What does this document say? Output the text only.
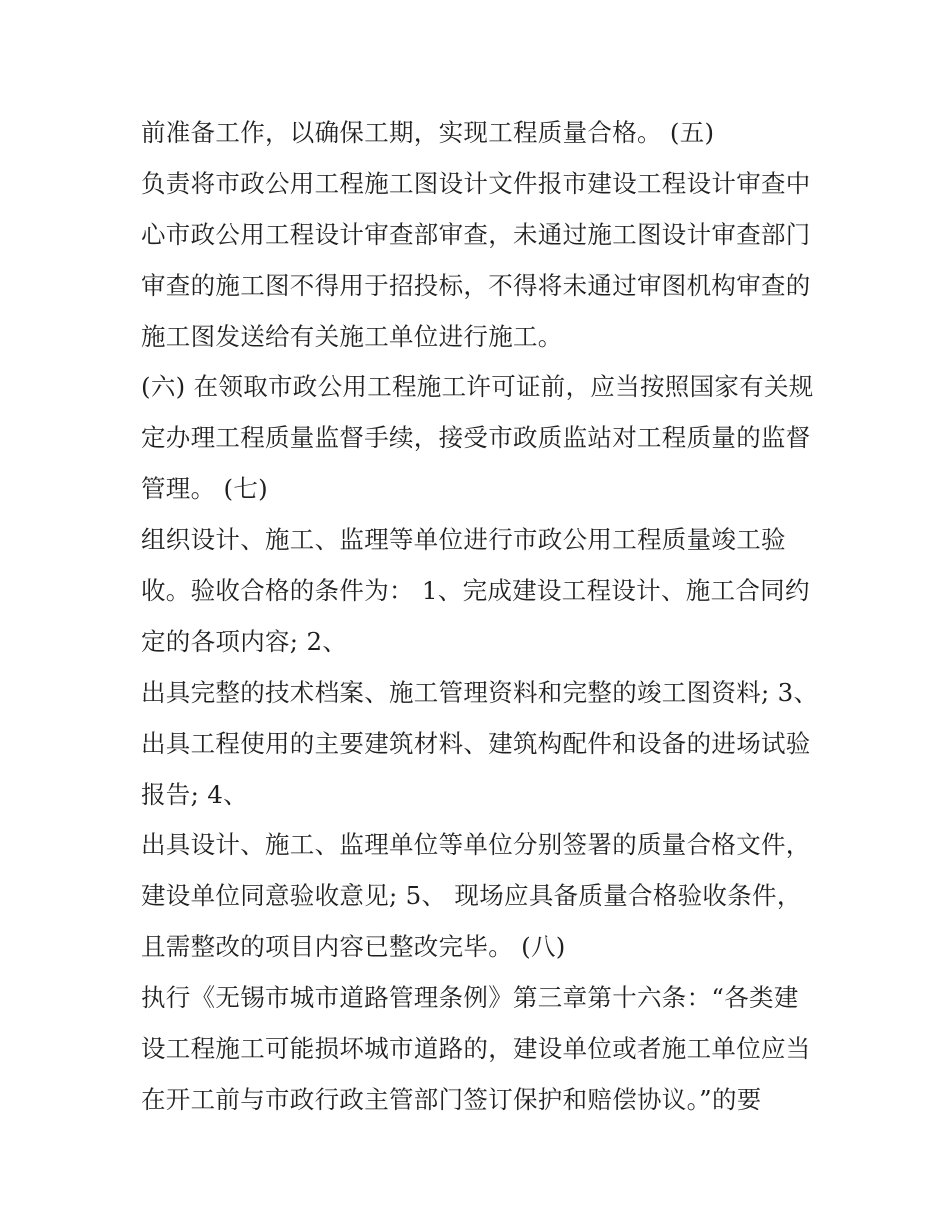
前准备工作，以确保工期，实现工程质量合格。 (五)
负责将市政公用工程施工图设计文件报市建设工程设计审查中
心市政公用工程设计审查部审查，未通过施工图设计审查部门
审查的施工图不得用于招投标，不得将未通过审图机构审查的
施工图发送给有关施工单位进行施工。
(六) 在领取市政公用工程施工许可证前，应当按照国家有关规
定办理工程质量监督手续，接受市政质监站对工程质量的监督
管理。 (七)
组织设计、施工、监理等单位进行市政公用工程质量竣工验
收。验收合格的条件为： 1、完成建设工程设计、施工合同约
定的各项内容; 2、
出具完整的技术档案、施工管理资料和完整的竣工图资料; 3、
出具工程使用的主要建筑材料、建筑构配件和设备的进场试验
报告; 4、
出具设计、施工、监理单位等单位分别签署的质量合格文件，
建设单位同意验收意见; 5、 现场应具备质量合格验收条件，
且需整改的项目内容已整改完毕。 (八)
执行《无锡市城市道路管理条例》第三章第十六条：“各类建
设工程施工可能损坏城市道路的，建设单位或者施工单位应当
在开工前与市政行政主管部门签订保护和赔偿协议。”的要
